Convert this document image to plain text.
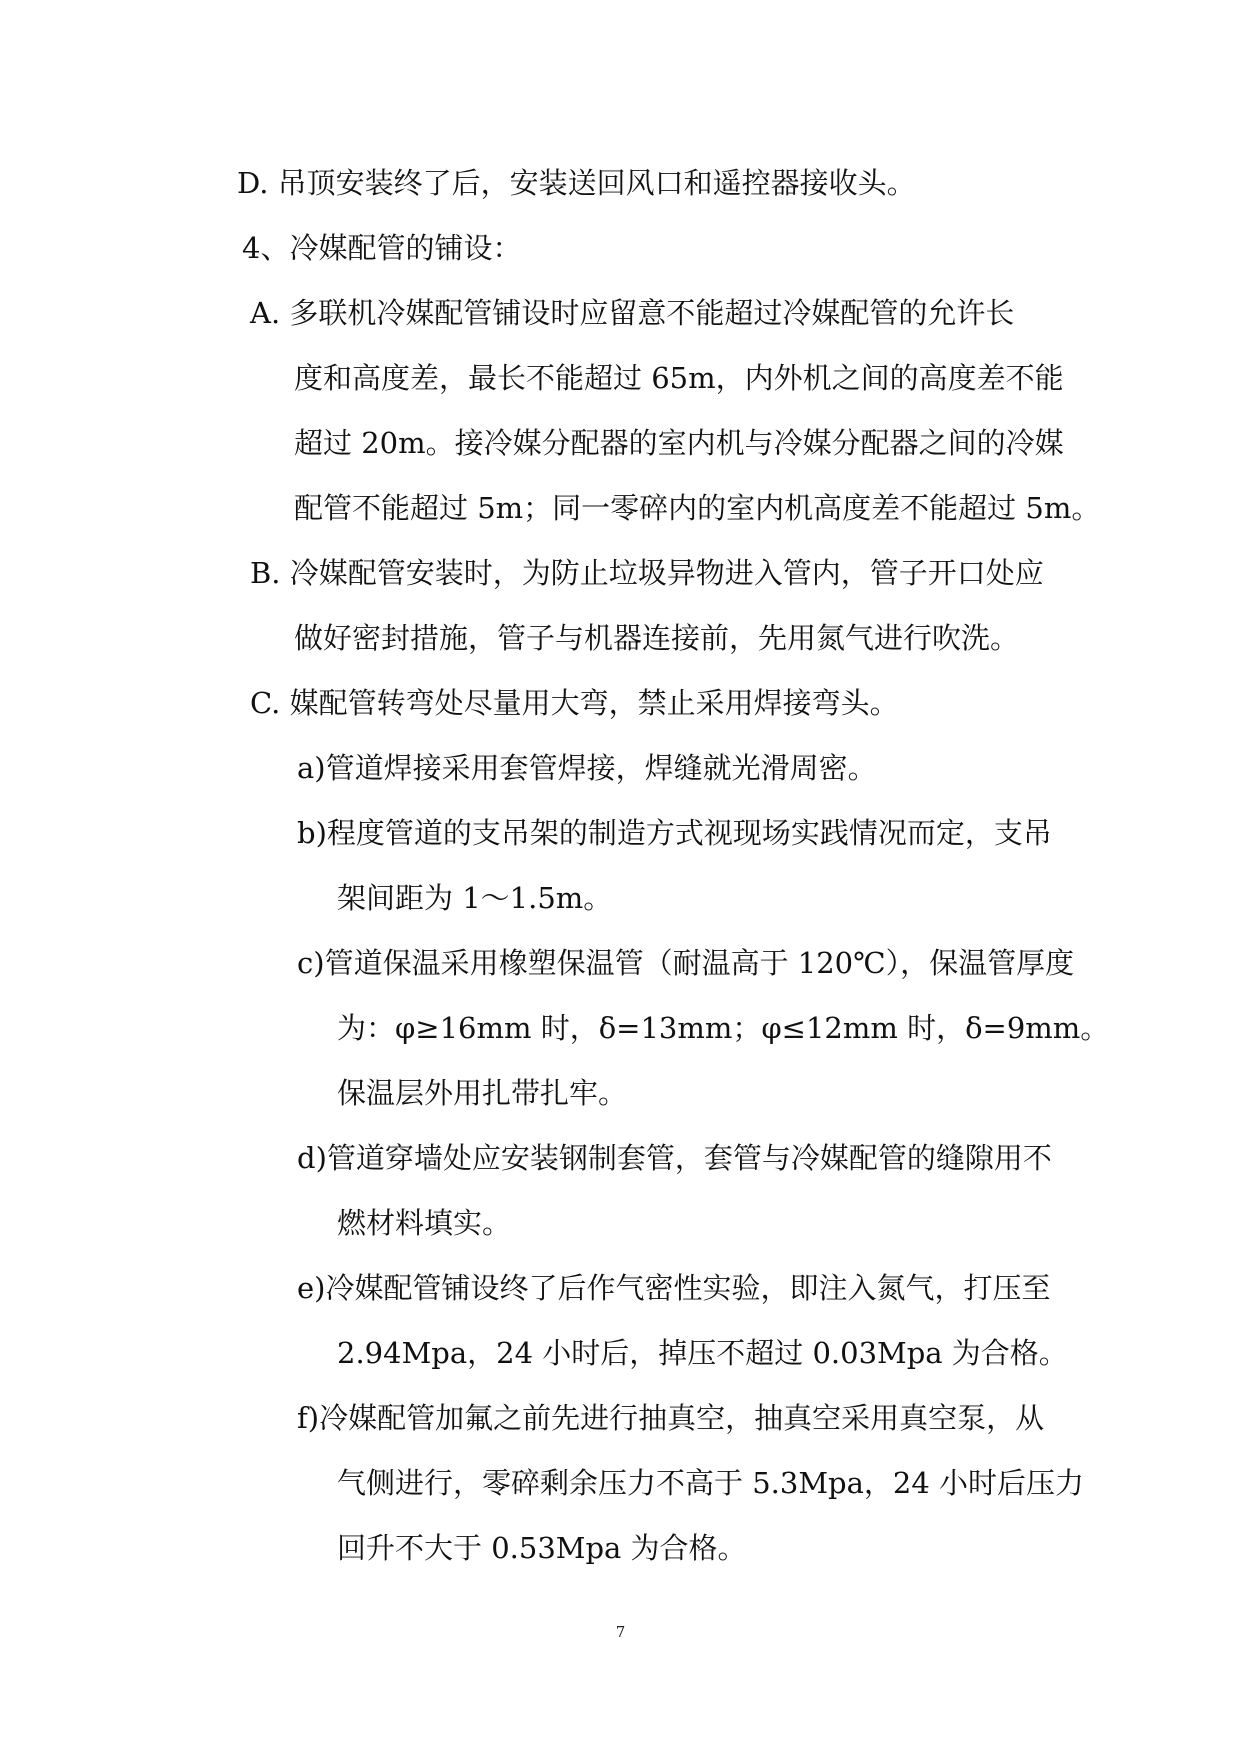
D. 吊顶安装终了后，安装送回风口和遥控器接收头。
4、冷媒配管的铺设：
A. 多联机冷媒配管铺设时应留意不能超过冷媒配管的允许长
度和高度差，最长不能超过 65m，内外机之间的高度差不能
超过 20m。接冷媒分配器的室内机与冷媒分配器之间的冷媒
配管不能超过 5m；同一零碎内的室内机高度差不能超过 5m。
B. 冷媒配管安装时，为防止垃圾异物进入管内，管子开口处应
做好密封措施，管子与机器连接前，先用氮气进行吹洗。
C. 媒配管转弯处尽量用大弯，禁止采用焊接弯头。
a)管道焊接采用套管焊接，焊缝就光滑周密。
b)程度管道的支吊架的制造方式视现场实践情况而定，支吊
架间距为 1～1.5m。
c)管道保温采用橡塑保温管（耐温高于 120℃），保温管厚度
为：φ≥16mm 时，δ=13mm；φ≤12mm 时，δ=9mm。
保温层外用扎带扎牢。
d)管道穿墙处应安装钢制套管，套管与冷媒配管的缝隙用不
燃材料填实。
e)冷媒配管铺设终了后作气密性实验，即注入氮气，打压至
2.94Mpa，24 小时后，掉压不超过 0.03Mpa 为合格。
f)冷媒配管加氟之前先进行抽真空，抽真空采用真空泵，从
气侧进行，零碎剩余压力不高于 5.3Mpa，24 小时后压力
回升不大于 0.53Mpa 为合格。
7
